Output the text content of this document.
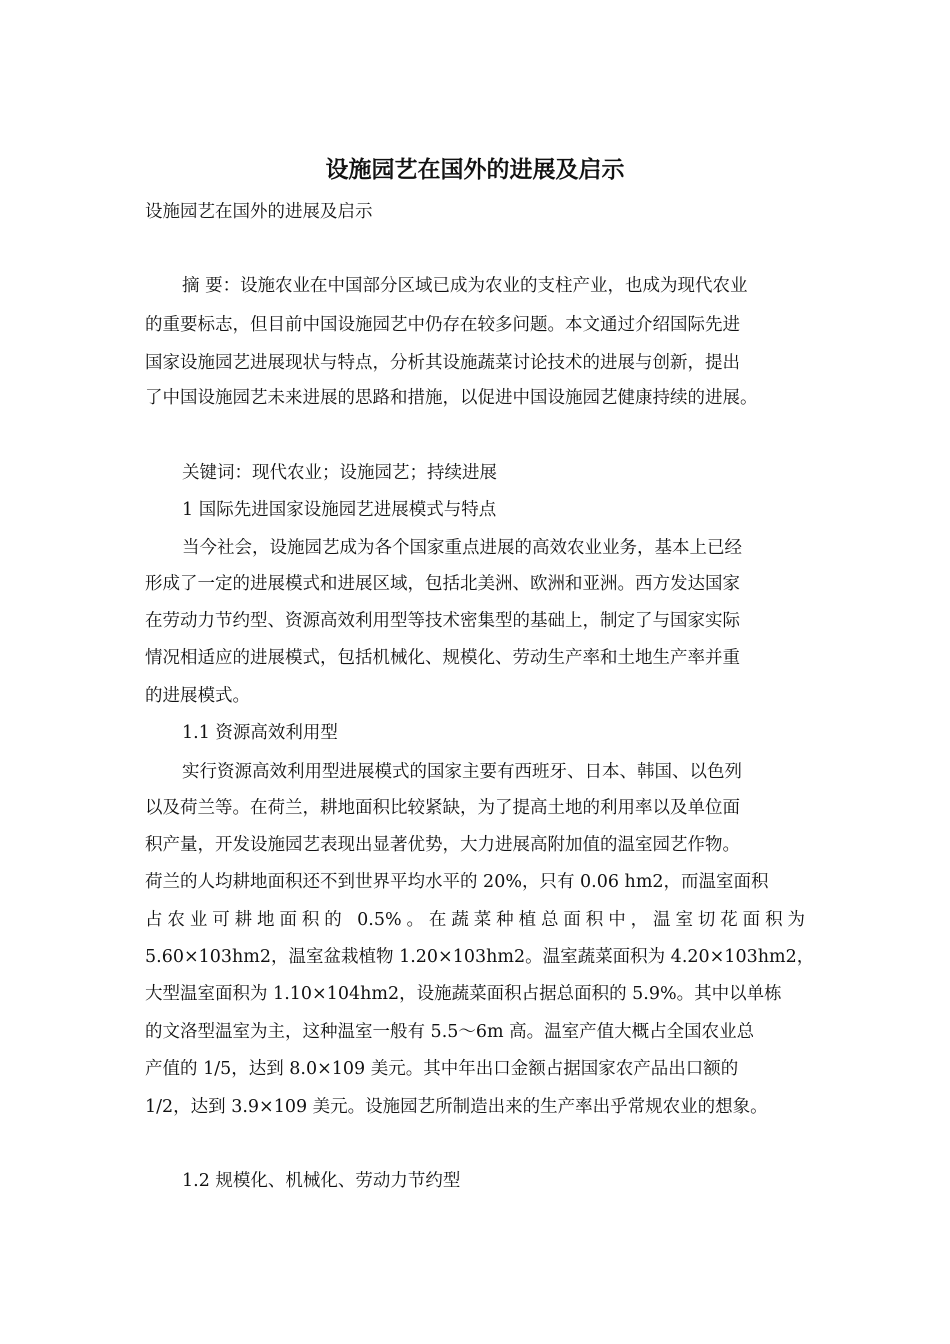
设施园艺在国外的进展及启示
设施园艺在国外的进展及启示
摘 要：设施农业在中国部分区域已成为农业的支柱产业，也成为现代农业
的重要标志，但目前中国设施园艺中仍存在较多问题。本文通过介绍国际先进
国家设施园艺进展现状与特点，分析其设施蔬菜讨论技术的进展与创新，提出
了中国设施园艺未来进展的思路和措施，以促进中国设施园艺健康持续的进展。
关键词：现代农业；设施园艺；持续进展
1 国际先进国家设施园艺进展模式与特点
当今社会，设施园艺成为各个国家重点进展的高效农业业务，基本上已经
形成了一定的进展模式和进展区域，包括北美洲、欧洲和亚洲。西方发达国家
在劳动力节约型、资源高效利用型等技术密集型的基础上，制定了与国家实际
情况相适应的进展模式，包括机械化、规模化、劳动生产率和土地生产率并重
的进展模式。
1.1 资源高效利用型
实行资源高效利用型进展模式的国家主要有西班牙、日本、韩国、以色列
以及荷兰等。在荷兰，耕地面积比较紧缺，为了提高土地的利用率以及单位面
积产量，开发设施园艺表现出显著优势，大力进展高附加值的温室园艺作物。
荷兰的人均耕地面积还不到世界平均水平的 20%，只有 0.06 hm2，而温室面积
占农业可耕地面积的 0.5%。在蔬菜种植总面积中，温室切花面积为
5.60×103hm2，温室盆栽植物 1.20×103hm2。温室蔬菜面积为 4.20×103hm2，
大型温室面积为 1.10×104hm2，设施蔬菜面积占据总面积的 5.9%。其中以单栋
的文洛型温室为主，这种温室一般有 5.5～6m 高。温室产值大概占全国农业总
产值的 1/5，达到 8.0×109 美元。其中年出口金额占据国家农产品出口额的
1/2，达到 3.9×109 美元。设施园艺所制造出来的生产率出乎常规农业的想象。
1.2 规模化、机械化、劳动力节约型
